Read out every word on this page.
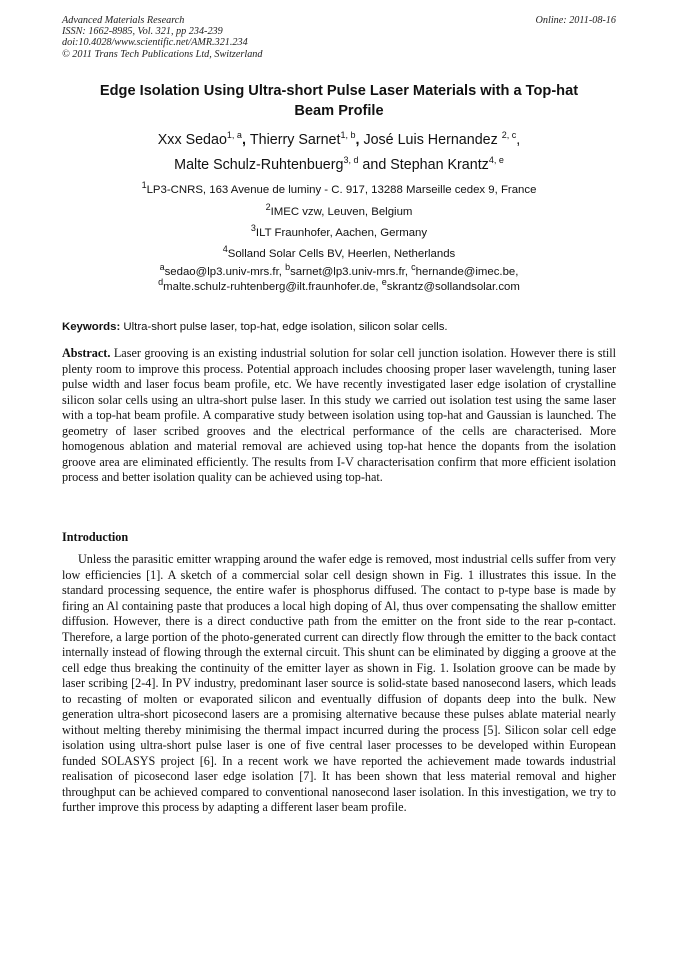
Advanced Materials Research
ISSN: 1662-8985, Vol. 321, pp 234-239
doi:10.4028/www.scientific.net/AMR.321.234
© 2011 Trans Tech Publications Ltd, Switzerland
Online: 2011-08-16
Edge Isolation Using Ultra-short Pulse Laser Materials with a Top-hat
Beam Profile
Xxx Sedao$^{1, a}$, Thierry Sarnet$^{1, b}$, José Luis Hernandez $^{2, c}$,
Malte Schulz-Ruhtenbuerg$^{3, d}$ and Stephan Krantz$^{4, e}$
$^1$LP3-CNRS, 163 Avenue de luminy - C. 917, 13288 Marseille cedex 9, France
$^2$IMEC vzw, Leuven, Belgium
$^3$ILT Fraunhofer, Aachen, Germany
$^4$Solland Solar Cells BV, Heerlen, Netherlands
$^a$sedao@lp3.univ-mrs.fr, $^b$sarnet@lp3.univ-mrs.fr, $^c$hernande@imec.be,
$^d$malte.schulz-ruhtenberg@ilt.fraunhofer.de, $^e$skrantz@sollandsolar.com
Keywords: Ultra-short pulse laser, top-hat, edge isolation, silicon solar cells.
Abstract. Laser grooving is an existing industrial solution for solar cell junction isolation. However there is still plenty room to improve this process. Potential approach includes choosing proper laser wavelength, tuning laser pulse width and laser focus beam profile, etc. We have recently investigated laser edge isolation of crystalline silicon solar cells using an ultra-short pulse laser. In this study we carried out isolation test using the same laser with a top-hat beam profile. A comparative study between isolation using top-hat and Gaussian is launched. The geometry of laser scribed grooves and the electrical performance of the cells are characterised. More homogenous ablation and material removal are achieved using top-hat hence the dopants from the isolation groove area are eliminated efficiently. The results from I-V characterisation confirm that more efficient isolation process and better isolation quality can be achieved using top-hat.
Introduction
Unless the parasitic emitter wrapping around the wafer edge is removed, most industrial cells suffer from very low efficiencies [1]. A sketch of a commercial solar cell design shown in Fig. 1 illustrates this issue. In the standard processing sequence, the entire wafer is phosphorus diffused. The contact to p-type base is made by firing an Al containing paste that produces a local high doping of Al, thus over compensating the shallow emitter diffusion. However, there is a direct conductive path from the emitter on the front side to the rear p-contact. Therefore, a large portion of the photo-generated current can directly flow through the emitter to the back contact internally instead of flowing through the external circuit. This shunt can be eliminated by digging a groove at the cell edge thus breaking the continuity of the emitter layer as shown in Fig. 1. Isolation groove can be made by laser scribing [2-4]. In PV industry, predominant laser source is solid-state based nanosecond lasers, which leads to recasting of molten or evaporated silicon and eventually diffusion of dopants deep into the bulk. New generation ultra-short picosecond lasers are a promising alternative because these pulses ablate material nearly without melting thereby minimising the thermal impact incurred during the process [5]. Silicon solar cell edge isolation using ultra-short pulse laser is one of five central laser processes to be developed within European funded SOLASYS project [6]. In a recent work we have reported the achievement made towards industrial realisation of picosecond laser edge isolation [7]. It has been shown that less material removal and higher throughput can be achieved compared to conventional nanosecond laser isolation. In this investigation, we try to further improve this process by adapting a different laser beam profile.
